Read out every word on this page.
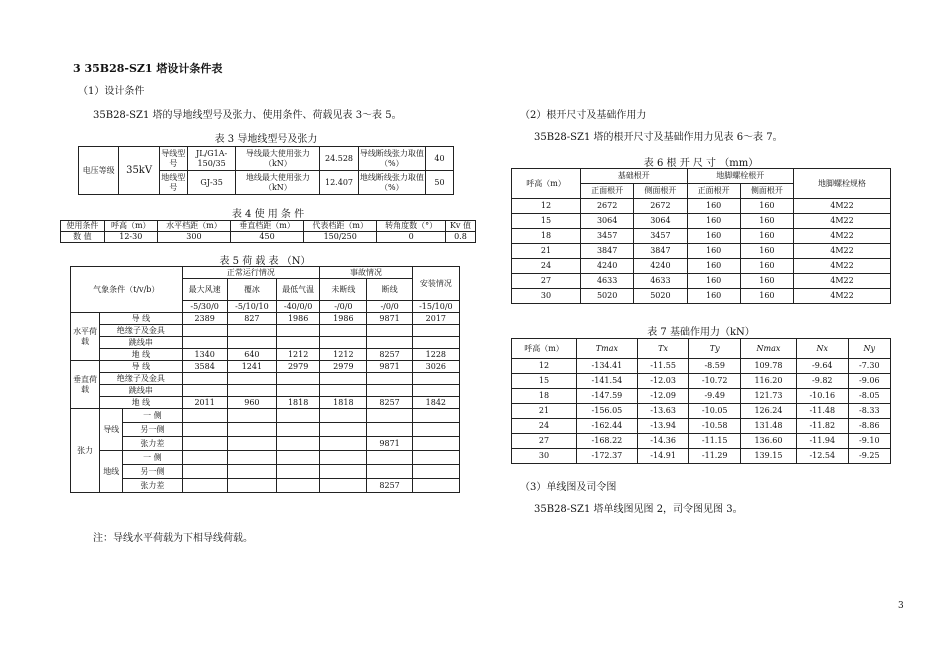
3 35B28-SZ1 塔设计条件表
（1）设计条件
35B28-SZ1 塔的导地线型号及张力、使用条件、荷载见表 3～表 5。
表 3 导地线型号及张力
电压等级	35kV	导线型号	JL/G1A-150/35	导线最大使用张力（kN）	24.528	导线断线张力取值（%）	40
		地线型号	GJ-35	地线最大使用张力（kN）	12.407	地线断线张力取值（%）	50
表 4 使 用 条 件
使用条件	呼高（m）	水平档距（m）	垂直档距（m）	代表档距（m）	转角度数（°）	Kv 值
数 值	12-30	300	450	150/250	0	0.8
表 5 荷 载 表 （N）
气象条件（t/v/b）			正常运行情况			事故情况		安装情况
			最大风速	覆冰	最低气温	未断线	断线	
			-5/30/0	-5/10/10	-40/0/0	-/0/0	-/0/0	-15/10/0
水平荷载	导 线		2389	827	1986	1986	9871	2017
	绝缘子及金具							
	跳线串							
	地 线		1340	640	1212	1212	8257	1228
垂直荷载	导 线		3584	1241	2979	2979	9871	3026
	绝缘子及金具							
	跳线串							
	地 线		2011	960	1818	1818	8257	1842
张力	导线	一 侧						
		另一侧						
		张力差					9871	
	地线	一 侧						
		另一侧						
		张力差					8257	
注：导线水平荷载为下相导线荷载。
（2）根开尺寸及基础作用力
35B28-SZ1 塔的根开尺寸及基础作用力见表 6～表 7。
表 6 根 开 尺 寸 （mm）
呼高（m）	基础根开		地脚螺栓根开		地脚螺栓规格
	正面根开	侧面根开	正面根开	侧面根开	
12	2672	2672	160	160	4M22
15	3064	3064	160	160	4M22
18	3457	3457	160	160	4M22
21	3847	3847	160	160	4M22
24	4240	4240	160	160	4M22
27	4633	4633	160	160	4M22
30	5020	5020	160	160	4M22
表 7 基础作用力（kN）
呼高（m）	Tmax	Tx	Ty	Nmax	Nx	Ny
12	-134.41	-11.55	-8.59	109.78	-9.64	-7.30
15	-141.54	-12.03	-10.72	116.20	-9.82	-9.06
18	-147.59	-12.09	-9.49	121.73	-10.16	-8.05
21	-156.05	-13.63	-10.05	126.24	-11.48	-8.33
24	-162.44	-13.94	-10.58	131.48	-11.82	-8.86
27	-168.22	-14.36	-11.15	136.60	-11.94	-9.10
30	-172.37	-14.91	-11.29	139.15	-12.54	-9.25
（3）单线图及司令图
35B28-SZ1 塔单线图见图 2，司令图见图 3。
3
